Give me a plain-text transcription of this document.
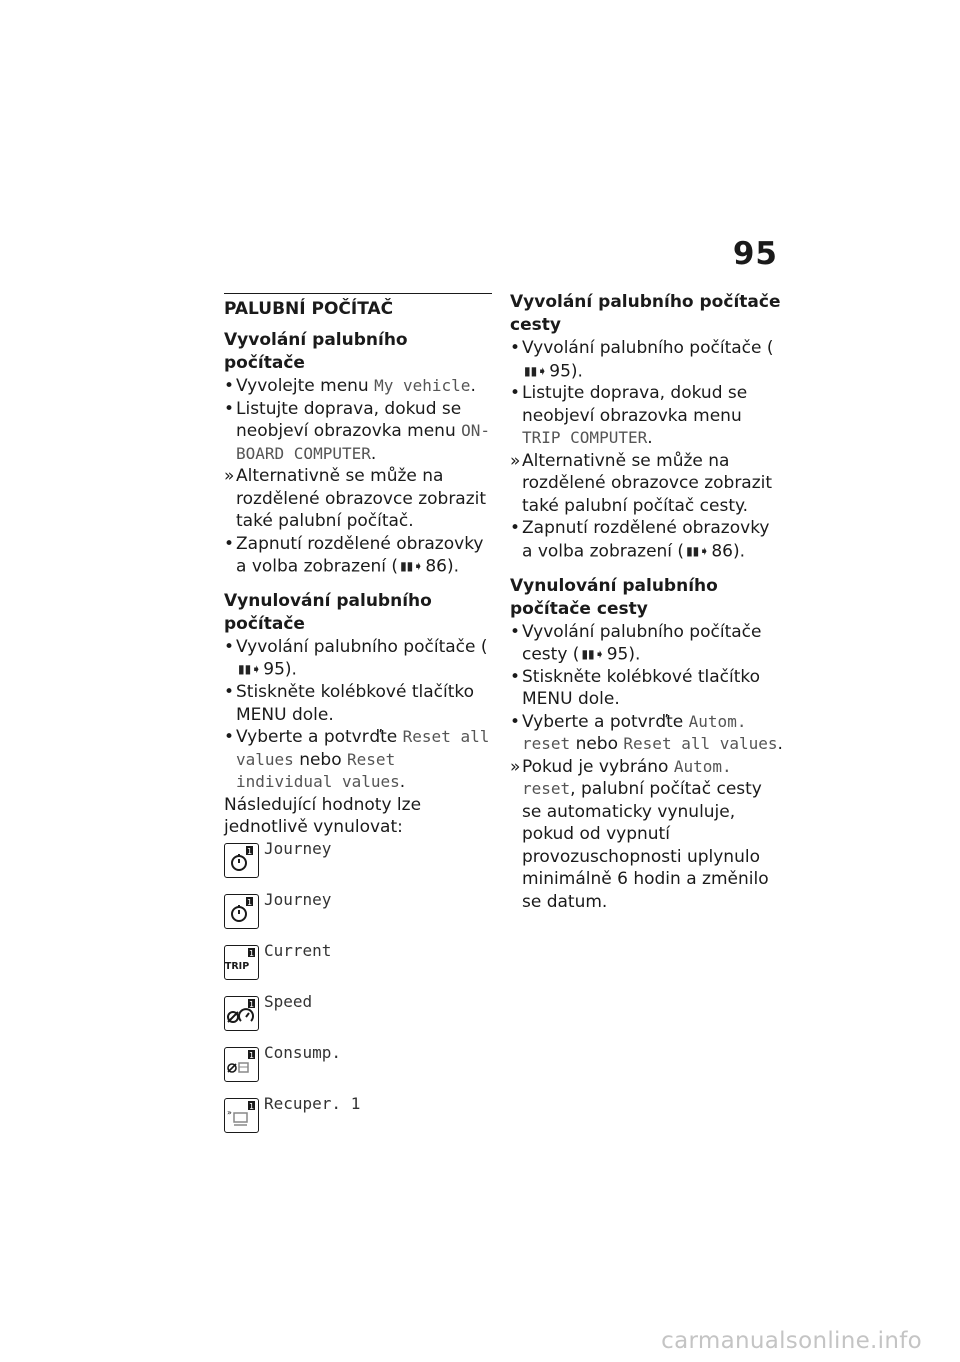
95
PALUBNÍ POČÍTAČ
Vyvolání palubního počítače
• Vyvolejte menu My vehicle.
• Listujte doprava, dokud se neobjeví obrazovka menu ON-BOARD COMPUTER.
» Alternativně se může na rozdělené obrazovce zobrazit také palubní počítač.
• Zapnutí rozdělené obrazovky a volba zobrazení ( ▮▮➧ 86).
Vynulování palubního počítače
• Vyvolání palubního počítače (▮▮➧ 95).
• Stiskněte kolébkové tlačítko MENU dole.
• Vyberte a potvrďte Reset all values nebo Reset individual values.
Následující hodnoty lze jednotlivě vynulovat:
1 Journey
1 Journey
TRIP
1 Current
1 Speed
1 Consump.
»
1 Recuper. 1
Vyvolání palubního počítače cesty
• Vyvolání palubního počítače (▮▮➧ 95).
• Listujte doprava, dokud se neobjeví obrazovka menu TRIP COMPUTER.
» Alternativně se může na rozdělené obrazovce zobrazit také palubní počítač cesty.
• Zapnutí rozdělené obrazovky a volba zobrazení ( ▮▮➧ 86).
Vynulování palubního počítače cesty
• Vyvolání palubního počítače cesty ( ▮▮➧ 95).
• Stiskněte kolébkové tlačítko MENU dole.
• Vyberte a potvrďte Autom. reset nebo Reset all values.
» Pokud je vybráno Autom. reset, palubní počítač cesty se automaticky vynuluje, pokud od vypnutí provozuschopnosti uplynulo minimálně 6 hodin a změnilo se datum.
carmanualsonline.info
